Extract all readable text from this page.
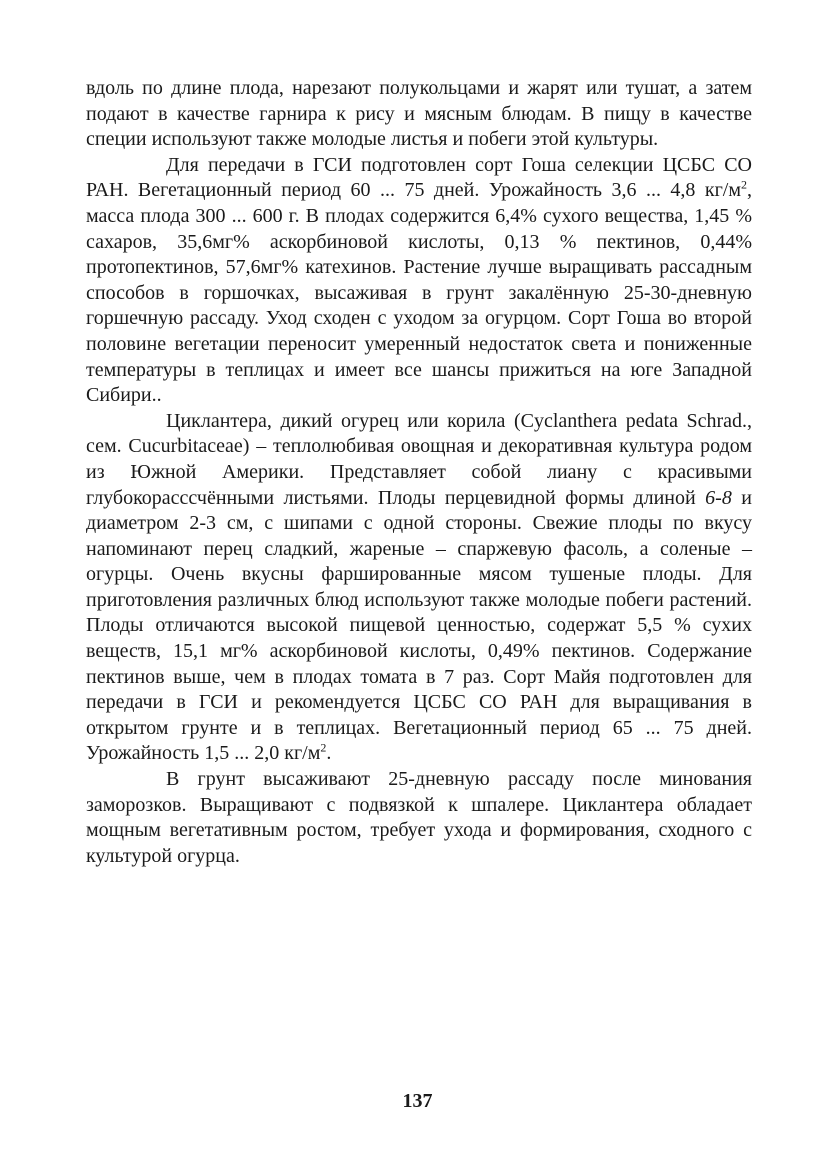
вдоль по длине плода, нарезают полукольцами и жарят или тушат, а затем подают в качестве гарнира к рису и мясным блюдам. В пищу в качестве специи используют также молодые листья и побеги этой культуры.

Для передачи в ГСИ подготовлен сорт Гоша селекции ЦСБС СО РАН. Вегетационный период 60 ... 75 дней. Урожайность 3,6 ... 4,8 $кг/м^2$, масса плода 300 ... 600 г. В плодах содержится 6,4% сухого вещества, 1,45 % сахаров, 35,6мг% аскорбиновой кислоты, 0,13 % пектинов, 0,44% протопектинов, 57,6мг% катехинов. Растение лучше выращивать рассадным способов в горшочках, высаживая в грунт закалённую 25-30-дневную горшечную рассаду. Уход сходен с уходом за огурцом. Сорт Гоша во второй половине вегетации переносит умеренный недостаток света и пониженные температуры в теплицах и имеет все шансы прижиться на юге Западной Сибири..

Циклантера, дикий огурец или корила (Cyclanthera pedata Schrad., сем. Cucurbitaceae) – теплолюбивая овощная и декоративная культура родом из Южной Америки. Представляет собой лиану с красивыми глубокорасссчёнными листьями. Плоды перцевидной формы длиной 6-8 и диаметром 2-3 см, с шипами с одной стороны. Свежие плоды по вкусу напоминают перец сладкий, жареные – спаржевую фасоль, а соленые – огурцы. Очень вкусны фаршированные мясом тушеные плоды. Для приготовления различных блюд используют также молодые побеги растений. Плоды отличаются высокой пищевой ценностью, содержат 5,5 % сухих веществ, 15,1 мг% аскорбиновой кислоты, 0,49% пектинов. Содержание пектинов выше, чем в плодах томата в 7 раз. Сорт Майя подготовлен для передачи в ГСИ и рекомендуется ЦСБС СО РАН для выращивания в открытом грунте и в теплицах. Вегетационный период 65 ... 75 дней. Урожайность 1,5 ... 2,0 $кг/м^2$.

В грунт высаживают 25-дневную рассаду после минования заморозков. Выращивают с подвязкой к шпалере. Циклантера обладает мощным вегетативным ростом, требует ухода и формирования, сходного с культурой огурца.

137
